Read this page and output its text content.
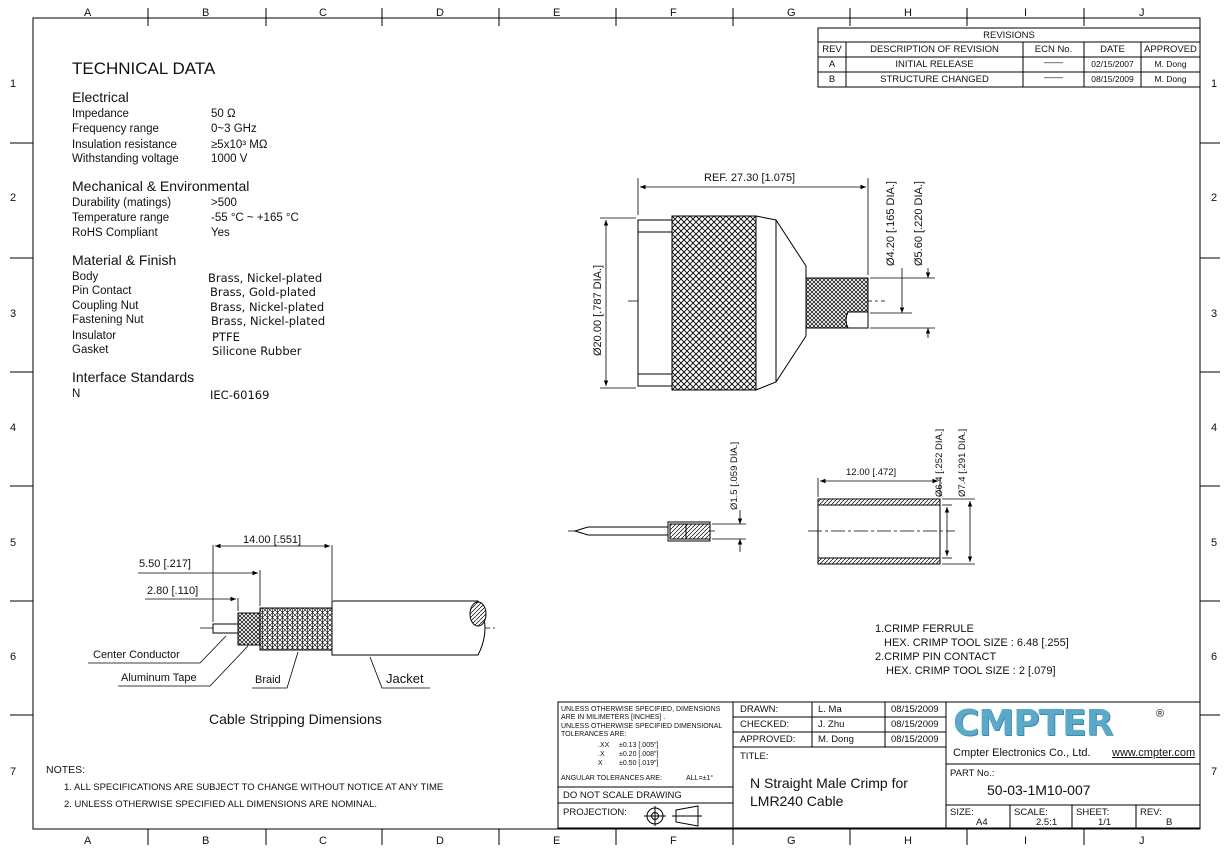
A	B	C	D	E	F	G	H	I	J
A	B	C	D	E	F	G	H	I	J
1
2
3
4
5
6
7
1
2
3
4
5
6
7
TECHNICAL DATA
Electrical
Impedance	50 Ω
Frequency range	0~3 GHz
Insulation resistance	≥5x10³ MΩ
Withstanding voltage	1000 V
Mechanical & Environmental
Durability (matings)	>500
Temperature range	-55 °C ~ +165 °C
RoHS Compliant	Yes
Material & Finish
Body	Brass, Nickel-plated
Pin Contact	Brass, Gold-plated
Coupling Nut	Brass, Nickel-plated
Fastening Nut	Brass, Nickel-plated
Insulator	PTFE
Gasket	Silicone Rubber
Interface Standards
N	IEC-60169
REVISIONS
REV	DESCRIPTION OF REVISION	ECN No.	DATE	APPROVED
A	INITIAL RELEASE	——	02/15/2007	M. Dong
B	STRUCTURE CHANGED	——	08/15/2009	M. Dong
REF. 27.30 [1.075]
Ø20.00 [.787 DIA.]
Ø4.20 [.165 DIA.] Ø5.60 [.220 DIA.]
Ø1.5 [.059 DIA.]	12.00 [.472]	Ø6.4 [.252 DIA.] Ø7.4 [.291 DIA.]
1.CRIMP FERRULE
HEX. CRIMP TOOL SIZE : 6.48 [.255]
2.CRIMP PIN CONTACT
HEX. CRIMP TOOL SIZE : 2 [.079]
14.00 [.551]
5.50 [.217]
2.80 [.110]
Center Conductor
Aluminum Tape	Braid	Jacket
Cable Stripping Dimensions
NOTES:
1. ALL SPECIFICATIONS ARE SUBJECT TO CHANGE WITHOUT NOTICE AT ANY TIME
2. UNLESS OTHERWISE SPECIFIED ALL DIMENSIONS ARE NOMINAL.
UNLESS OTHERWISE SPECIFIED, DIMENSIONS
ARE IN MILIMETERS [INCHES] .
UNLESS OTHERWISE SPECIFIED DIMENSIONAL
TOLERANCES ARE:
.XX ±0.13 [.005"]
.X ±0.20 [.008"]
X ±0.50 [.019"]
ANGULAR TOLERANCES ARE:	ALL=±1°
DO NOT SCALE DRAWING
PROJECTION:
DRAWN:	L. Ma	08/15/2009
CHECKED:	J. Zhu	08/15/2009
APPROVED: M. Dong	08/15/2009
TITLE:
N Straight Male Crimp for
LMR240 Cable
CMPTER	®
Cmpter Electronics Co., Ltd. www.cmpter.com
PART No.:
50-03-1M10-007
SIZE:
A4
SCALE:
2.5:1
SHEET:
1/1
REV:
B
